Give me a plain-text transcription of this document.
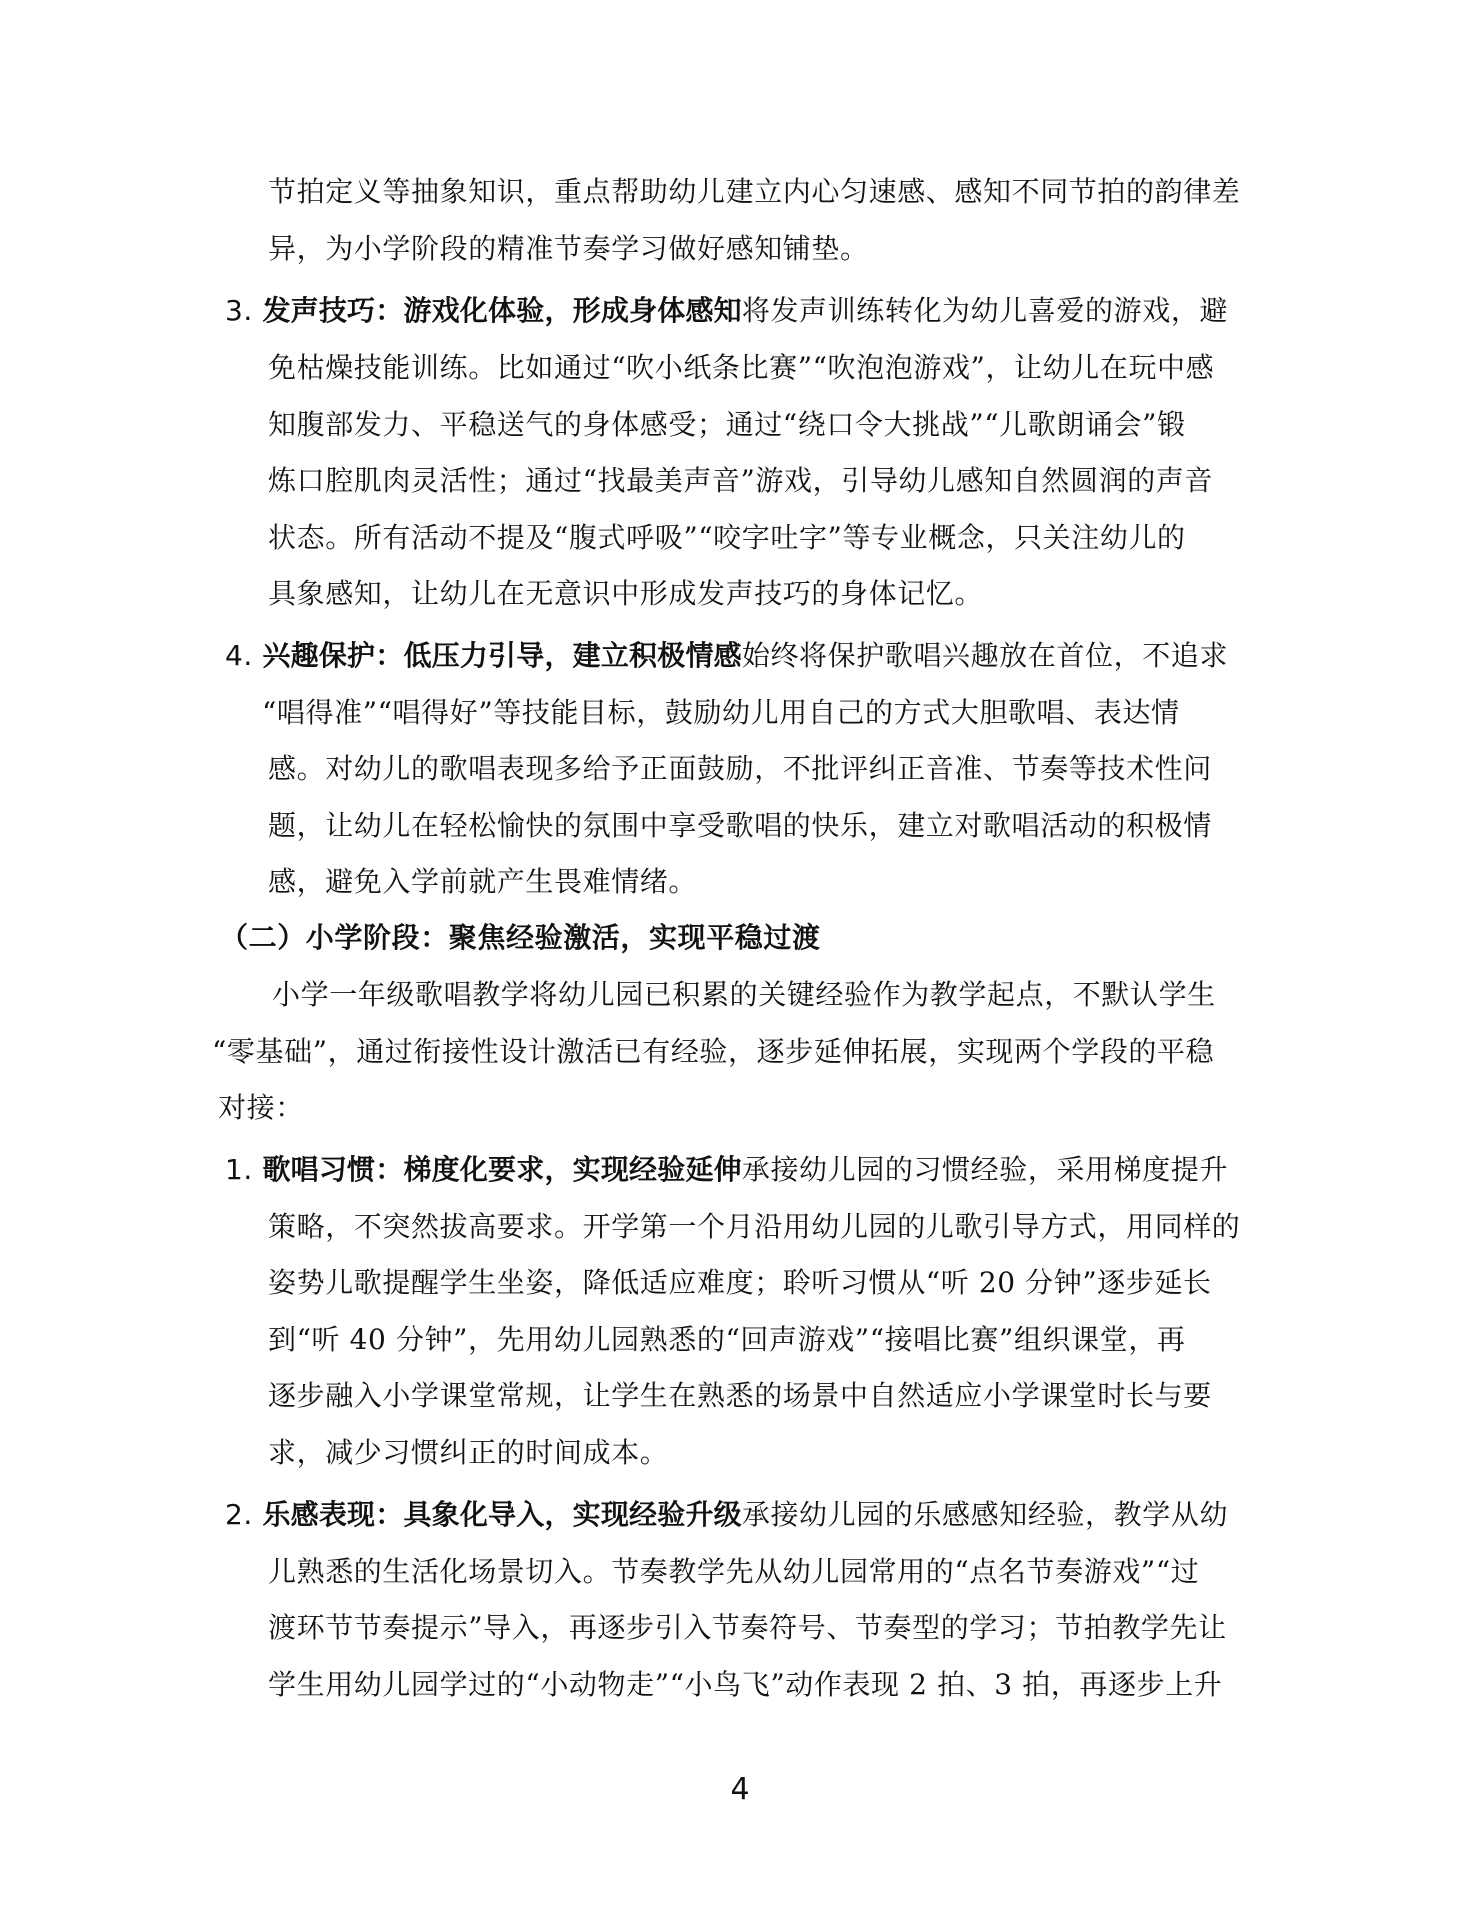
节拍定义等抽象知识，重点帮助幼儿建立内心匀速感、感知不同节拍的韵律差
异，为小学阶段的精准节奏学习做好感知铺垫。
3. 发声技巧：游戏化体验，形成身体感知将发声训练转化为幼儿喜爱的游戏，避
免枯燥技能训练。比如通过“吹小纸条比赛”“吹泡泡游戏”，让幼儿在玩中感
知腹部发力、平稳送气的身体感受；通过“绕口令大挑战”“儿歌朗诵会”锻
炼口腔肌肉灵活性；通过“找最美声音”游戏，引导幼儿感知自然圆润的声音
状态。所有活动不提及“腹式呼吸”“咬字吐字”等专业概念，只关注幼儿的
具象感知，让幼儿在无意识中形成发声技巧的身体记忆。
4. 兴趣保护：低压力引导，建立积极情感始终将保护歌唱兴趣放在首位，不追求
“唱得准”“唱得好”等技能目标，鼓励幼儿用自己的方式大胆歌唱、表达情
感。对幼儿的歌唱表现多给予正面鼓励，不批评纠正音准、节奏等技术性问
题，让幼儿在轻松愉快的氛围中享受歌唱的快乐，建立对歌唱活动的积极情
感，避免入学前就产生畏难情绪。
（二）小学阶段：聚焦经验激活，实现平稳过渡
小学一年级歌唱教学将幼儿园已积累的关键经验作为教学起点，不默认学生
“零基础”，通过衔接性设计激活已有经验，逐步延伸拓展，实现两个学段的平稳
对接：
1. 歌唱习惯：梯度化要求，实现经验延伸承接幼儿园的习惯经验，采用梯度提升
策略，不突然拔高要求。开学第一个月沿用幼儿园的儿歌引导方式，用同样的
姿势儿歌提醒学生坐姿，降低适应难度；聆听习惯从“听 20 分钟”逐步延长
到“听 40 分钟”，先用幼儿园熟悉的“回声游戏”“接唱比赛”组织课堂，再
逐步融入小学课堂常规，让学生在熟悉的场景中自然适应小学课堂时长与要
求，减少习惯纠正的时间成本。
2. 乐感表现：具象化导入，实现经验升级承接幼儿园的乐感感知经验，教学从幼
儿熟悉的生活化场景切入。节奏教学先从幼儿园常用的“点名节奏游戏”“过
渡环节节奏提示”导入，再逐步引入节奏符号、节奏型的学习；节拍教学先让
学生用幼儿园学过的“小动物走”“小鸟飞”动作表现 2 拍、3 拍，再逐步上升
4
